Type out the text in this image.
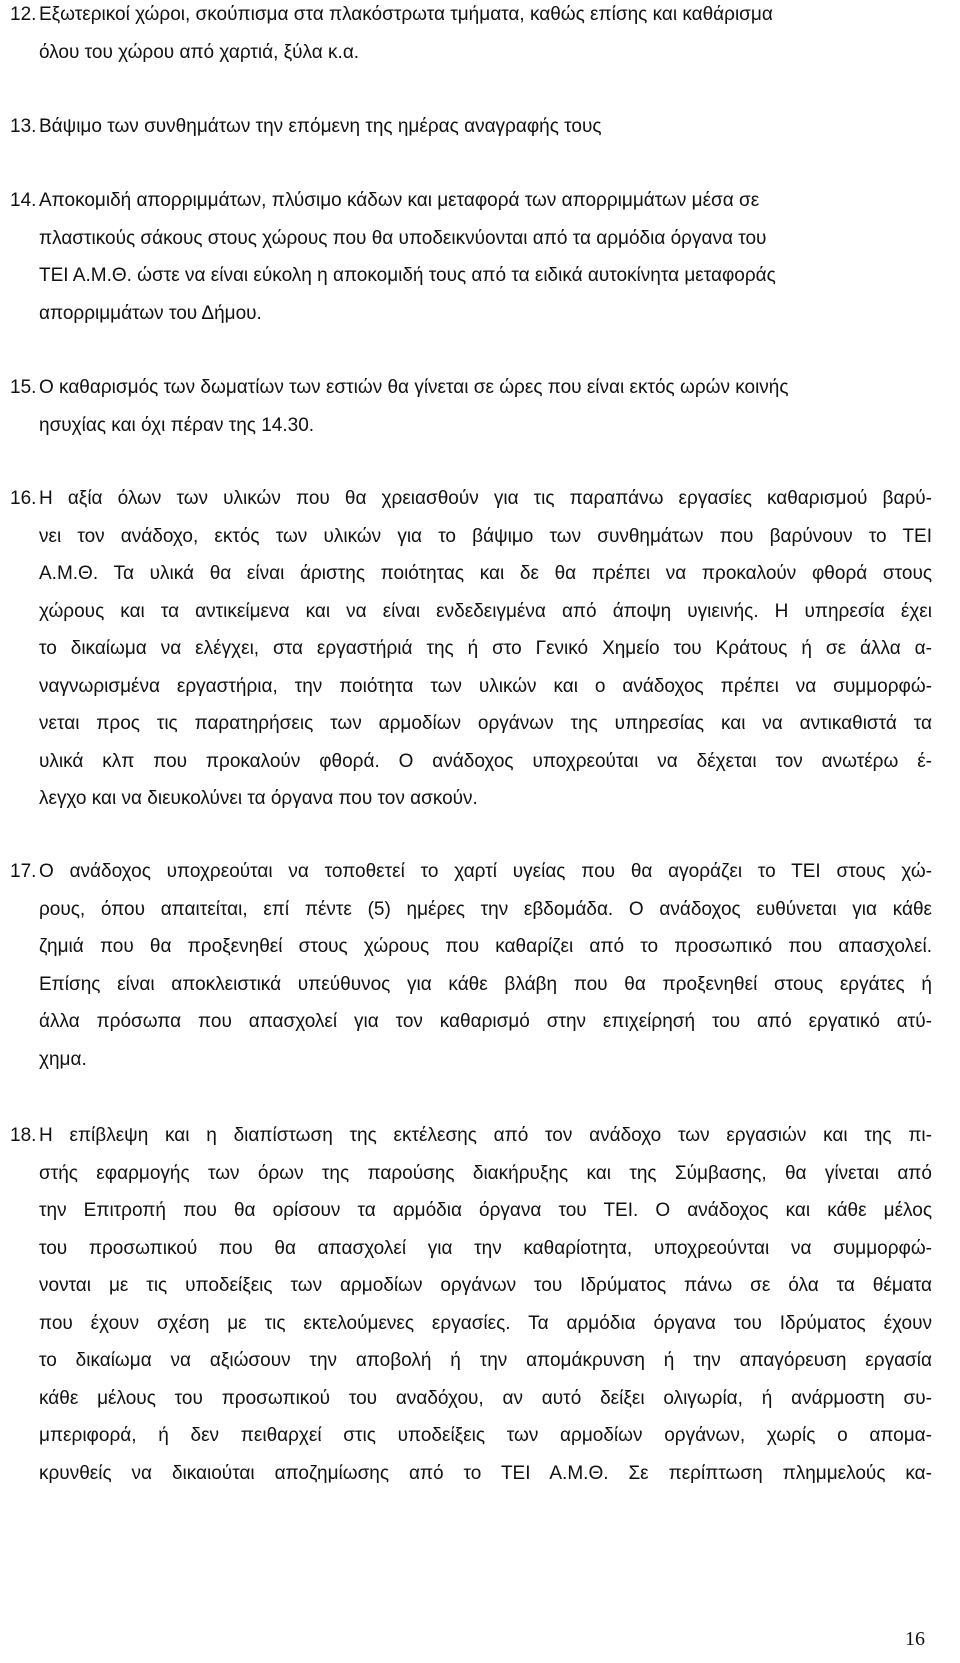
12. Εξωτερικοί χώροι, σκούπισμα στα πλακόστρωτα τμήματα, καθώς επίσης και καθάρισμα
όλου του χώρου από χαρτιά, ξύλα κ.α.
13. Βάψιμο των συνθημάτων την επόμενη της ημέρας αναγραφής τους
14. Αποκομιδή απορριμμάτων, πλύσιμο κάδων και μεταφορά των απορριμμάτων μέσα σε
πλαστικούς σάκους στους χώρους που θα υποδεικνύονται από τα αρμόδια όργανα του
ΤΕΙ Α.Μ.Θ. ώστε να είναι εύκολη η αποκομιδή τους από τα ειδικά αυτοκίνητα μεταφοράς
απορριμμάτων του Δήμου.
15. Ο καθαρισμός των δωματίων των εστιών θα γίνεται σε ώρες που είναι εκτός ωρών κοινής
ησυχίας και όχι πέραν της 14.30.
16. Η αξία όλων των υλικών που θα χρειασθούν για τις παραπάνω εργασίες καθαρισμού βαρύ-
νει τον ανάδοχο, εκτός των υλικών για το βάψιμο των συνθημάτων που βαρύνουν το ΤΕΙ
Α.Μ.Θ. Τα υλικά θα είναι άριστης ποιότητας και δε θα πρέπει να προκαλούν φθορά στους
χώρους και τα αντικείμενα και να είναι ενδεδειγμένα από άποψη υγιεινής. Η υπηρεσία έχει
το δικαίωμα να ελέγχει, στα εργαστήριά της ή στο Γενικό Χημείο του Κράτους ή σε άλλα α-
ναγνωρισμένα εργαστήρια, την ποιότητα των υλικών και ο ανάδοχος πρέπει να συμμορφώ-
νεται προς τις παρατηρήσεις των αρμοδίων οργάνων της υπηρεσίας και να αντικαθιστά τα
υλικά κλπ που προκαλούν φθορά. Ο ανάδοχος υποχρεούται να δέχεται τον ανωτέρω έ-
λεγχο και να διευκολύνει τα όργανα που τον ασκούν.
17. Ο ανάδοχος υποχρεούται να τοποθετεί το χαρτί υγείας που θα αγοράζει το ΤΕΙ στους χώ-
ρους, όπου απαιτείται, επί πέντε (5) ημέρες την εβδομάδα. Ο ανάδοχος ευθύνεται για κάθε
ζημιά που θα προξενηθεί στους χώρους που καθαρίζει από το προσωπικό που απασχολεί.
Επίσης είναι αποκλειστικά υπεύθυνος για κάθε βλάβη που θα προξενηθεί στους εργάτες ή
άλλα πρόσωπα που απασχολεί για τον καθαρισμό στην επιχείρησή του από εργατικό ατύ-
χημα.
18. Η επίβλεψη και η διαπίστωση της εκτέλεσης από τον ανάδοχο των εργασιών και της πι-
στής εφαρμογής των όρων της παρούσης διακήρυξης και της Σύμβασης, θα γίνεται από
την Επιτροπή που θα ορίσουν τα αρμόδια όργανα του ΤΕΙ. Ο ανάδοχος και κάθε μέλος
του προσωπικού που θα απασχολεί για την καθαρίοτητα, υποχρεούνται να συμμορφώ-
νονται με τις υποδείξεις των αρμοδίων οργάνων του Ιδρύματος πάνω σε όλα τα θέματα
που έχουν σχέση με τις εκτελούμενες εργασίες. Τα αρμόδια όργανα του Ιδρύματος έχουν
το δικαίωμα να αξιώσουν την αποβολή ή την απομάκρυνση ή την απαγόρευση εργασία
κάθε μέλους του προσωπικού του αναδόχου, αν αυτό δείξει ολιγωρία, ή ανάρμοστη συ-
μπεριφορά, ή δεν πειθαρχεί στις υποδείξεις των αρμοδίων οργάνων, χωρίς ο απομα-
κρυνθείς να δικαιούται αποζημίωσης από το ΤΕΙ Α.Μ.Θ. Σε περίπτωση πλημμελούς κα-
16
